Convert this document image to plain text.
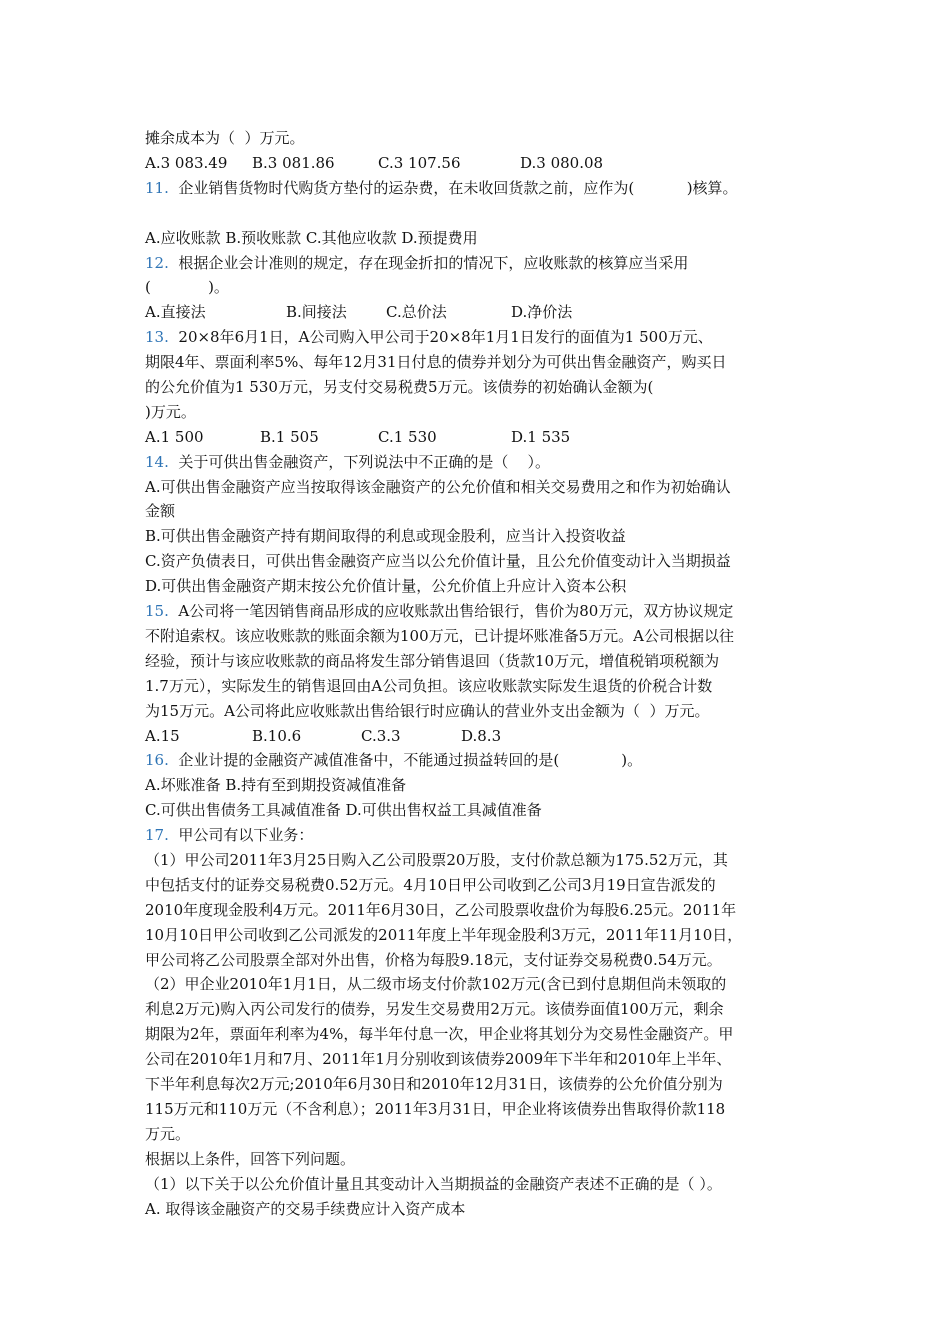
摊余成本为（  ）万元。

A.3 083.49

B.3 081.86

	C.3 107.56

	D.3 080.08

11.  企业销售货物时代购货方垫付的运杂费，在未收回货款之前，应作为(           )核算。
A.应收账款 B.预收账款 C.其他应收款 D.预提费用
12.  根据企业会计准则的规定，存在现金折扣的情况下，应收账款的核算应当采用
(            )。

A.直接法

	B.间接法

	C.总价法

	D.净价法

13.  20×8年6月1日，A公司购入甲公司于20×8年1月1日发行的面值为1 500万元、
期限4年、票面利率5%、每年12月31日付息的债券并划分为可供出售金融资产，购买日
的公允价值为1 530万元，另支付交易税费5万元。该债券的初始确认金额为(
)万元。

A.1 500

	B.1 505

	C.1 530

	D.1 535

14.  关于可供出售金融资产，下列说法中不正确的是（    ）。
A.可供出售金融资产应当按取得该金融资产的公允价值和相关交易费用之和作为初始确认
金额
B.可供出售金融资产持有期间取得的利息或现金股利，应当计入投资收益
C.资产负债表日，可供出售金融资产应当以公允价值计量，且公允价值变动计入当期损益
D.可供出售金融资产期末按公允价值计量，公允价值上升应计入资本公积
15.  A公司将一笔因销售商品形成的应收账款出售给银行，售价为80万元，双方协议规定
不附追索权。该应收账款的账面余额为100万元，已计提坏账准备5万元。A公司根据以往
经验，预计与该应收账款的商品将发生部分销售退回（货款10万元，增值税销项税额为
1.7万元），实际发生的销售退回由A公司负担。该应收账款实际发生退货的价税合计数
为15万元。A公司将此应收账款出售给银行时应确认的营业外支出金额为（  ）万元。

A.15

	B.10.6

	C.3.3

	D.8.3

16.  企业计提的金融资产减值准备中，不能通过损益转回的是(             )。
A.坏账准备 B.持有至到期投资减值准备
C.可供出售债务工具减值准备 D.可供出售权益工具减值准备
17.  甲公司有以下业务：
（1）甲公司2011年3月25日购入乙公司股票20万股，支付价款总额为175.52万元，其
中包括支付的证券交易税费0.52万元。4月10日甲公司收到乙公司3月19日宣告派发的
2010年度现金股利4万元。2011年6月30日，乙公司股票收盘价为每股6.25元。2011年
10月10日甲公司收到乙公司派发的2011年度上半年现金股利3万元，2011年11月10日，
甲公司将乙公司股票全部对外出售，价格为每股9.18元，支付证券交易税费0.54万元。
（2）甲企业2010年1月1日，从二级市场支付价款102万元(含已到付息期但尚未领取的
利息2万元)购入丙公司发行的债券，另发生交易费用2万元。该债券面值100万元，剩余
期限为2年，票面年利率为4%，每半年付息一次，甲企业将其划分为交易性金融资产。甲
公司在2010年1月和7月、2011年1月分别收到该债券2009年下半年和2010年上半年、
下半年利息每次2万元;2010年6月30日和2010年12月31日，该债券的公允价值分别为
115万元和110万元（不含利息）；2011年3月31日，甲企业将该债券出售取得价款118
万元。
根据以上条件，回答下列问题。
（1）以下关于以公允价值计量且其变动计入当期损益的金融资产表述不正确的是（ ）。
A. 取得该金融资产的交易手续费应计入资产成本
